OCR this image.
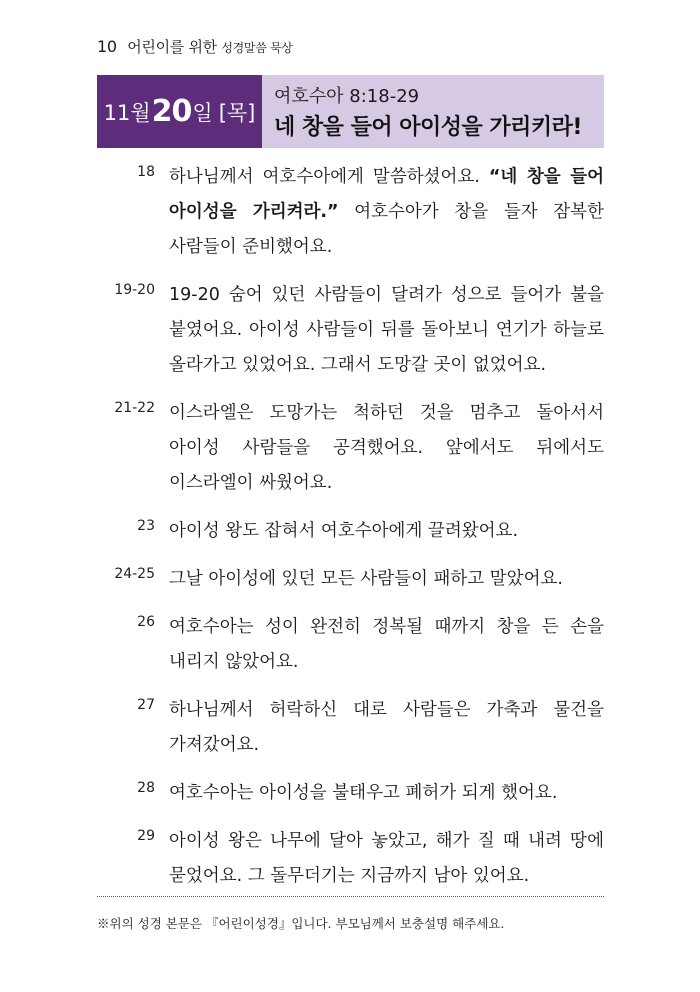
10 어린이를 위한 성경말씀 묵상
11월 20 일 [목]
여호수아 8:18-29
네 창을 들어 아이성을 가리키라!
18 하나님께서 여호수아에게 말씀하셨어요. “네 창을 들어 아이성을 가리켜라.” 여호수아가 창을 들자 잠복한 사람들이 준비했어요.
19-20 19-20 숨어 있던 사람들이 달려가 성으로 들어가 불을 붙였어요. 아이성 사람들이 뒤를 돌아보니 연기가 하늘로 올라가고 있었어요. 그래서 도망갈 곳이 없었어요.
21-22 이스라엘은 도망가는 척하던 것을 멈추고 돌아서서 아이성 사람들을 공격했어요. 앞에서도 뒤에서도 이스라엘이 싸웠어요.
23 아이성 왕도 잡혀서 여호수아에게 끌려왔어요.
24-25 그날 아이성에 있던 모든 사람들이 패하고 말았어요.
26 여호수아는 성이 완전히 정복될 때까지 창을 든 손을 내리지 않았어요.
27 하나님께서 허락하신 대로 사람들은 가축과 물건을 가져갔어요.
28 여호수아는 아이성을 불태우고 폐허가 되게 했어요.
29 아이성 왕은 나무에 달아 놓았고, 해가 질 때 내려 땅에 묻었어요. 그 돌무더기는 지금까지 남아 있어요.
※위의 성경 본문은 『어린이성경』입니다. 부모님께서 보충설명 해주세요.
